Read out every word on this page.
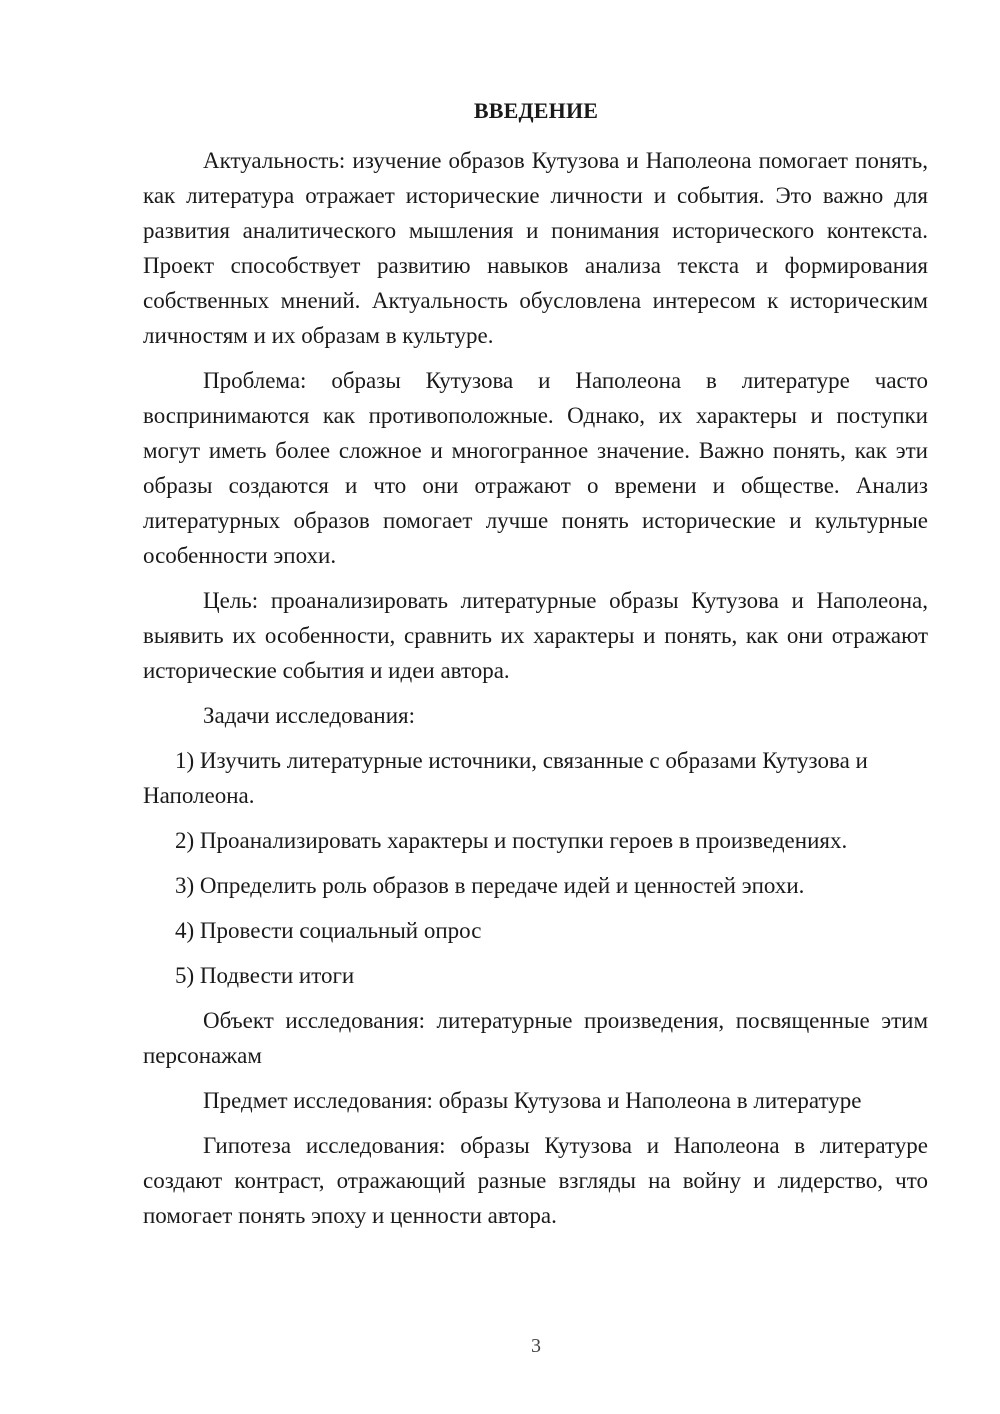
ВВЕДЕНИЕ

Актуальность: изучение образов Кутузова и Наполеона помогает понять, как литература отражает исторические личности и события. Это важно для развития аналитического мышления и понимания исторического контекста. Проект способствует развитию навыков анализа текста и формирования собственных мнений. Актуальность обусловлена интересом к историческим личностям и их образам в культуре.

Проблема: образы Кутузова и Наполеона в литературе часто воспринимаются как противоположные. Однако, их характеры и поступки могут иметь более сложное и многогранное значение. Важно понять, как эти образы создаются и что они отражают о времени и обществе. Анализ литературных образов помогает лучше понять исторические и культурные особенности эпохи.

Цель: проанализировать литературные образы Кутузова и Наполеона, выявить их особенности, сравнить их характеры и понять, как они отражают исторические события и идеи автора.

Задачи исследования:

1) Изучить литературные источники, связанные с образами Кутузова и Наполеона.

2) Проанализировать характеры и поступки героев в произведениях.

3) Определить роль образов в передаче идей и ценностей эпохи.

4) Провести социальный опрос

5) Подвести итоги

Объект исследования: литературные произведения, посвященные этим персонажам

Предмет исследования: образы Кутузова и Наполеона в литературе

Гипотеза исследования: образы Кутузова и Наполеона в литературе создают контраст, отражающий разные взгляды на войну и лидерство, что помогает понять эпоху и ценности автора.

3
